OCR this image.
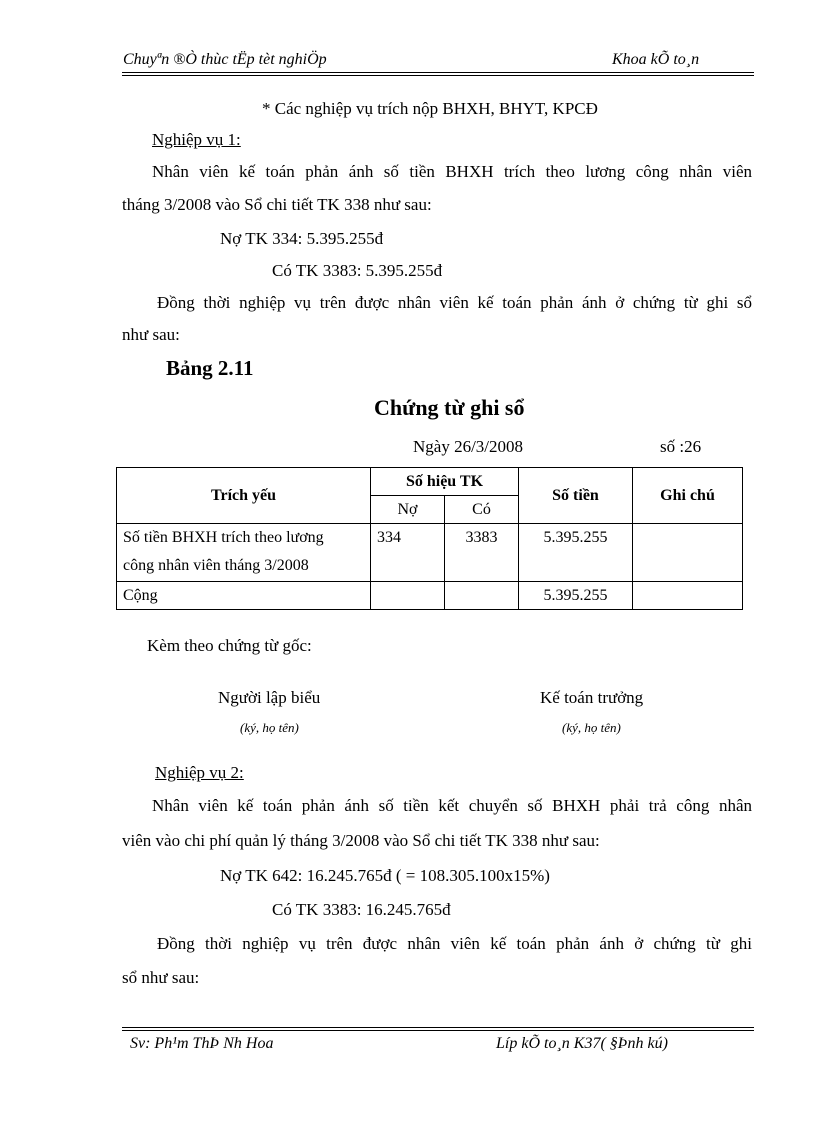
Chuyªn ®Ò thùc tËp tèt nghiÖp	Khoa kÕ to¸n
* Các nghiệp vụ trích nộp BHXH, BHYT, KPCĐ
Nghiệp vụ 1:
Nhân viên kế toán phản ánh số tiền BHXH trích theo lương công nhân viên
tháng 3/2008 vào Sổ chi tiết TK 338 như sau:
Nợ TK 334: 5.395.255đ
Có TK 3383: 5.395.255đ
Đồng thời nghiệp vụ trên được nhân viên kế toán phản ánh ở chứng từ ghi sổ
như sau:
Bảng 2.11
Chứng từ ghi sổ
Ngày 26/3/2008	số :26
Trích yếu	Số hiệu TK		Số tiền	Ghi chú
	Nợ	Có		

Số tiền BHXH trích theo lương
công nhân viên tháng 3/2008	334	3383	5.395.255	
Cộng			5.395.255	
Kèm theo chứng từ gốc:
Người lập biểu
(ký, họ tên)
Kế toán trưởng
(ký, họ tên)
Nghiệp vụ 2:
Nhân viên kế toán phản ánh số tiền kết chuyển số BHXH phải trả công nhân
viên vào chi phí quản lý tháng 3/2008 vào Sổ chi tiết TK 338 như sau:
Nợ TK 642: 16.245.765đ ( = 108.305.100x15%)
Có TK 3383: 16.245.765đ
Đồng thời nghiệp vụ trên được nhân viên kế toán phản ánh ở chứng từ ghi
sổ như sau:
Sv: Ph¹m ThÞ Nh Hoa	Líp kÕ to¸n K37( §Þnh kú)
